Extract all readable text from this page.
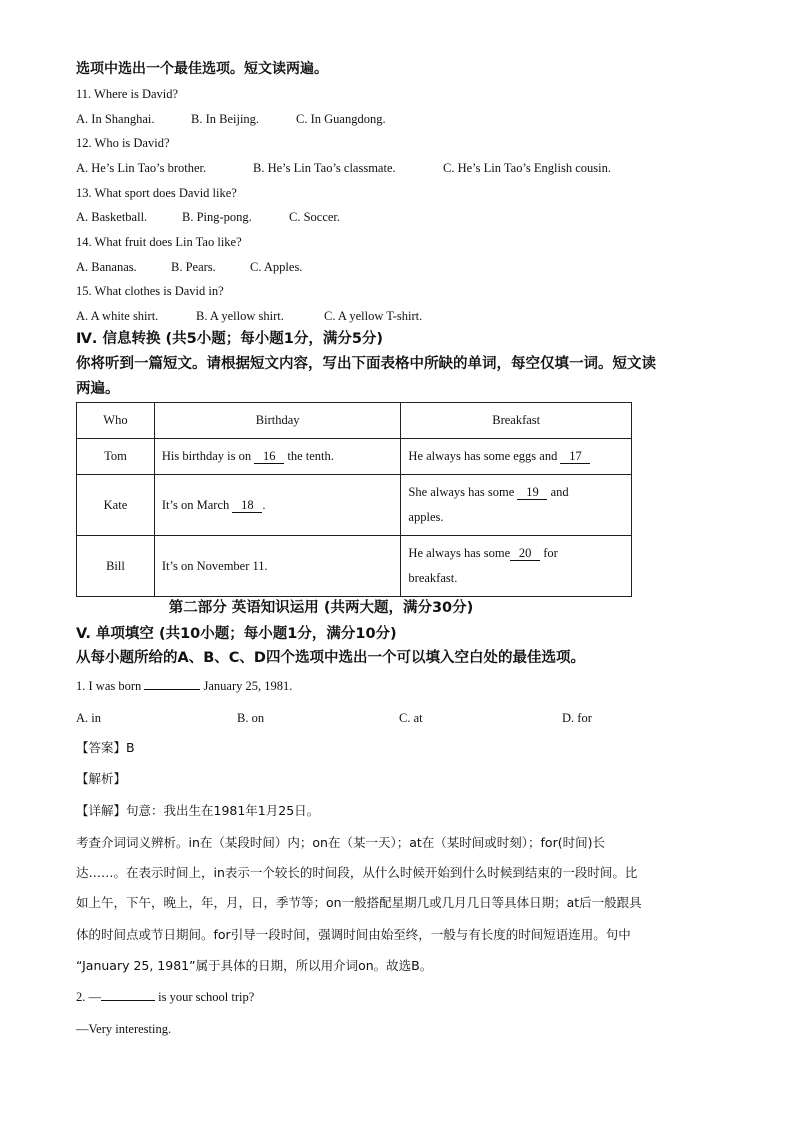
选项中选出一个最佳选项。短文读两遍。
11. Where is David?
A. In Shanghai.	B. In Beijing.	C. In Guangdong.
12. Who is David?
A. He’s Lin Tao’s brother.	B. He’s Lin Tao’s classmate.	C. He’s Lin Tao’s English cousin.
13. What sport does David like?
A. Basketball.	B. Ping-pong.	C. Soccer.
14. What fruit does Lin Tao like?
A. Bananas.	B. Pears.	C. Apples.
15. What clothes is David in?
A. A white shirt.	B. A yellow shirt.	C. A yellow T-shirt.
Ⅳ. 信息转换 (共5小题；每小题1分，满分5分)
你将听到一篇短文。请根据短文内容，写出下面表格中所缺的单词，每空仅填一词。短文读
两遍。
Who	Birthday	Breakfast
Tom	His birthday is on 16 the tenth.	He always has some eggs and 17
Kate	It’s on March 18 .	She always has some 19 and
apples.
Bill	It’s on November 11.	He always has some 20 for
breakfast.
第二部分 英语知识运用 (共两大题，满分30分)
V. 单项填空 (共10小题；每小题1分，满分10分)
从每小题所给的A、B、C、D四个选项中选出一个可以填入空白处的最佳选项。
1. I was born	January 25, 1981.
A. in	B. on	C. at	D. for
【答案】B
【解析】
【详解】句意：我出生在1981年1月25日。
考查介词词义辨析。in在（某段时间）内；on在（某一天）；at在（某时间或时刻）；for(时间)长
达……。在表示时间上，in表示一个较长的时间段，从什么时候开始到什么时候到结束的一段时间。比
如上午，下午，晚上，年，月，日，季节等；on一般搭配星期几或几月几日等具体日期；at后一般跟具
体的时间点或节日期间。for引导一段时间，强调时间由始至终，一般与有长度的时间短语连用。句中
“January 25, 1981”属于具体的日期，所以用介词on。故选B。
2. —	is your school trip?
—Very interesting.
